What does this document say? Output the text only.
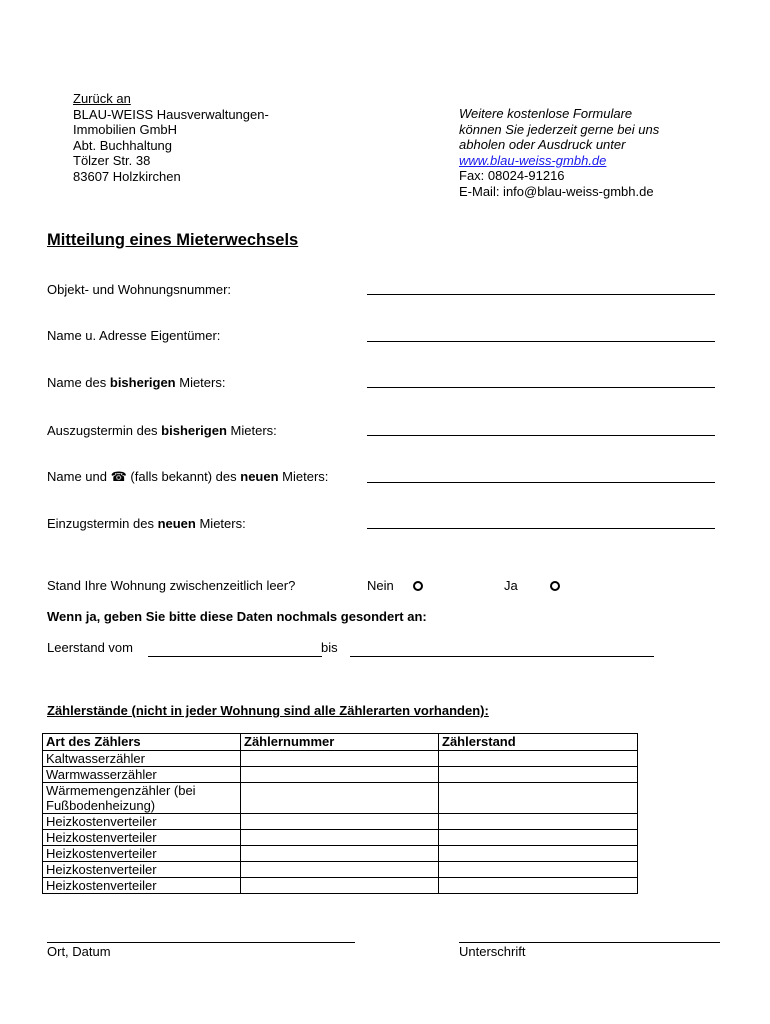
Zurück an
BLAU-WEISS Hausverwaltungen-
Immobilien GmbH
Abt. Buchhaltung
Tölzer Str. 38
83607 Holzkirchen
Weitere kostenlose Formulare
können Sie jederzeit gerne bei uns
abholen oder Ausdruck unter
www.blau-weiss-gmbh.de
Fax: 08024-91216
E-Mail: info@blau-weiss-gmbh.de
Mitteilung eines Mieterwechsels
Objekt- und Wohnungsnummer:
Name u. Adresse Eigentümer:
Name des bisherigen Mieters:
Auszugstermin des bisherigen Mieters:
Name und ☎ (falls bekannt) des neuen Mieters:
Einzugstermin des neuen Mieters:
Stand Ihre Wohnung zwischenzeitlich leer?	Nein	Ja
Wenn ja, geben Sie bitte diese Daten nochmals gesondert an:
Leerstand vom	bis
Zählerstände (nicht in jeder Wohnung sind alle Zählerarten vorhanden):
Art des Zählers	Zählernummer	Zählerstand
Kaltwasserzähler		
Warmwasserzähler		
Wärmemengenzähler (bei Fußbodenheizung)		
Heizkostenverteiler		
Heizkostenverteiler		
Heizkostenverteiler		
Heizkostenverteiler		
Heizkostenverteiler		
Ort, Datum	Unterschrift
